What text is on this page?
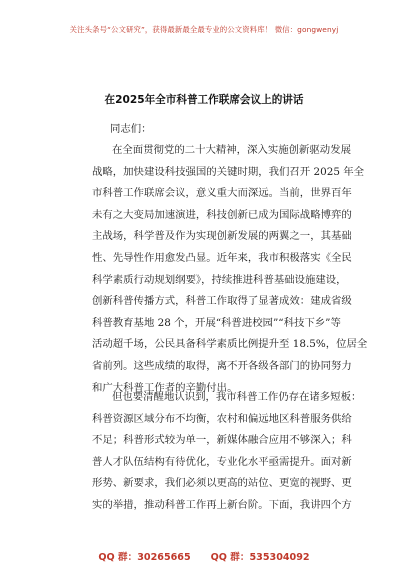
关注头条号“公文研究”，获得最新最全最专业的公文资料库！ 微信：gongwenyj
在2025年全市科普工作联席会议上的讲话
同志们：
在全面贯彻党的二十大精神，深入实施创新驱动发展
战略，加快建设科技强国的关键时期，我们召开 2025 年全
市科普工作联席会议，意义重大而深远。当前，世界百年
未有之大变局加速演进，科技创新已成为国际战略博弈的
主战场，科学普及作为实现创新发展的两翼之一，其基础
性、先导性作用愈发凸显。近年来，我市积极落实《全民
科学素质行动规划纲要》，持续推进科普基础设施建设，
创新科普传播方式，科普工作取得了显著成效：建成省级
科普教育基地 28 个，开展“科普进校园”“科技下乡”等
活动超千场，公民具备科学素质比例提升至 18.5%，位居全
省前列。这些成绩的取得，离不开各级各部门的协同努力
和广大科普工作者的辛勤付出。
但也要清醒地认识到，我市科普工作仍存在诸多短板：
科普资源区域分布不均衡，农村和偏远地区科普服务供给
不足；科普形式较为单一，新媒体融合应用不够深入；科
普人才队伍结构有待优化，专业化水平亟需提升。面对新
形势、新要求，我们必须以更高的站位、更宽的视野、更
实的举措，推动科普工作再上新台阶。下面，我讲四个方
QQ 群：30265665 QQ 群：535304092
